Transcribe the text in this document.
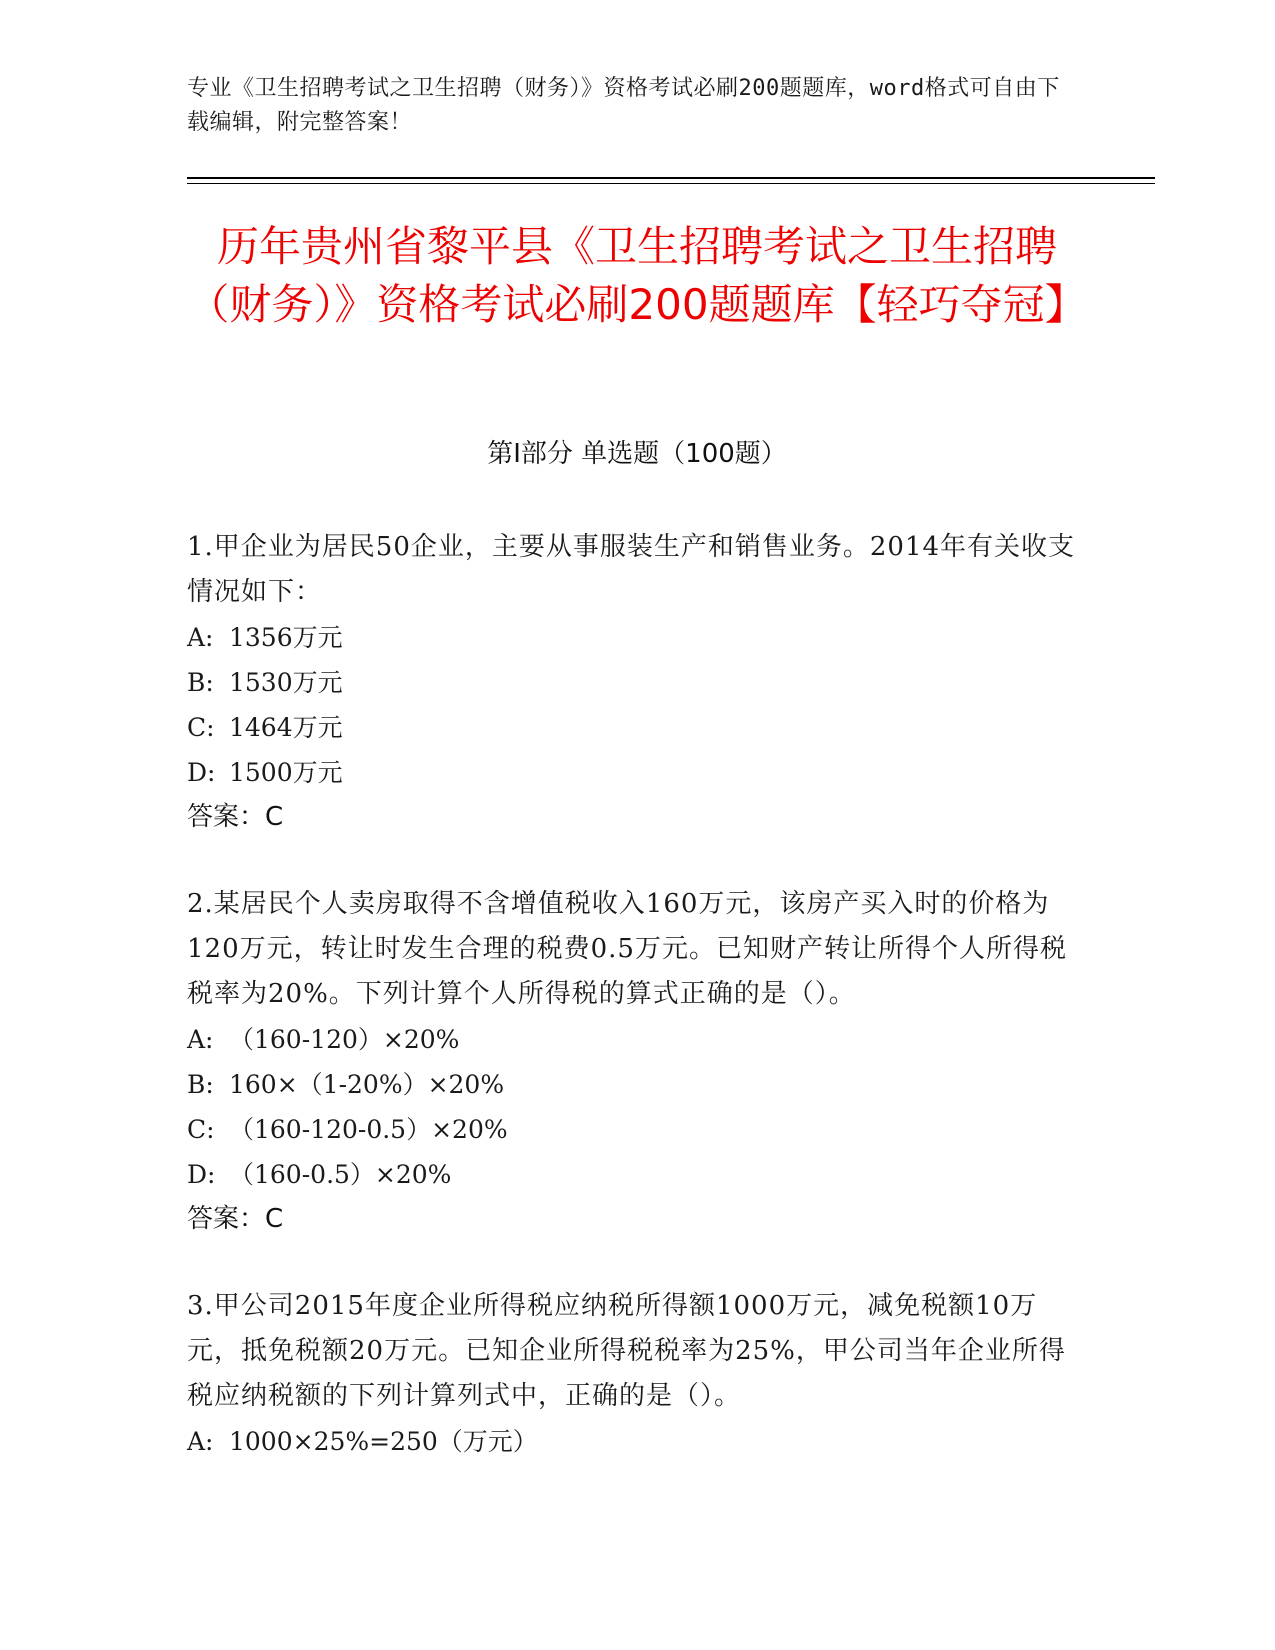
专业《卫生招聘考试之卫生招聘（财务）》资格考试必刷200题题库，word格式可自由下载编辑，附完整答案！
历年贵州省黎平县《卫生招聘考试之卫生招聘（财务）》资格考试必刷200题题库【轻巧夺冠】
第Ⅰ部分 单选题（100题）
1.甲企业为居民50企业，主要从事服装生产和销售业务。2014年有关收支情况如下：
A: 1356万元
B: 1530万元
C: 1464万元
D: 1500万元
答案：C
2.某居民个人卖房取得不含增值税收入160万元，该房产买入时的价格为120万元，转让时发生合理的税费0.5万元。已知财产转让所得个人所得税税率为20%。下列计算个人所得税的算式正确的是（）。
A: （160-120）×20%
B: 160×（1-20%）×20%
C: （160-120-0.5）×20%
D: （160-0.5）×20%
答案：C
3.甲公司2015年度企业所得税应纳税所得额1000万元，减免税额10万元，抵免税额20万元。已知企业所得税税率为25%，甲公司当年企业所得税应纳税额的下列计算列式中，正确的是（）。
A: 1000×25%=250（万元）
